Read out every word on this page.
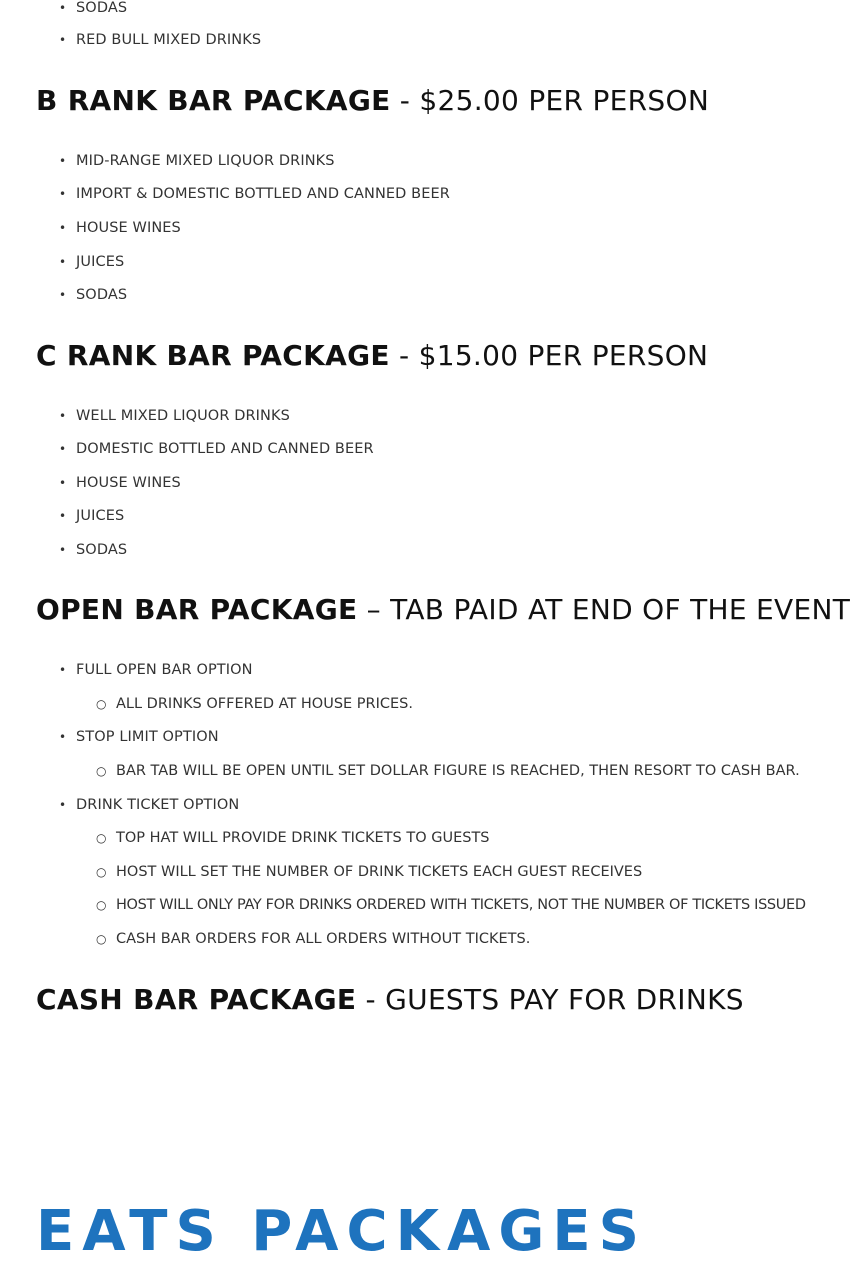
• SODAS
• RED BULL MIXED DRINKS
B RANK BAR PACKAGE - $25.00 PER PERSON
• MID-RANGE MIXED LIQUOR DRINKS
• IMPORT & DOMESTIC BOTTLED AND CANNED BEER
• HOUSE WINES
• JUICES
• SODAS
C RANK BAR PACKAGE - $15.00 PER PERSON
• WELL MIXED LIQUOR DRINKS
• DOMESTIC BOTTLED AND CANNED BEER
• HOUSE WINES
• JUICES
• SODAS
OPEN BAR PACKAGE – TAB PAID AT END OF THE EVENT
• FULL OPEN BAR OPTION
○ ALL DRINKS OFFERED AT HOUSE PRICES.
• STOP LIMIT OPTION
○ BAR TAB WILL BE OPEN UNTIL SET DOLLAR FIGURE IS REACHED, THEN RESORT TO CASH BAR.
• DRINK TICKET OPTION
○ TOP HAT WILL PROVIDE DRINK TICKETS TO GUESTS
○ HOST WILL SET THE NUMBER OF DRINK TICKETS EACH GUEST RECEIVES
○ HOST WILL ONLY PAY FOR DRINKS ORDERED WITH TICKETS, NOT THE NUMBER OF TICKETS ISSUED
○ CASH BAR ORDERS FOR ALL ORDERS WITHOUT TICKETS.
CASH BAR PACKAGE - GUESTS PAY FOR DRINKS
EATS PACKAGES
